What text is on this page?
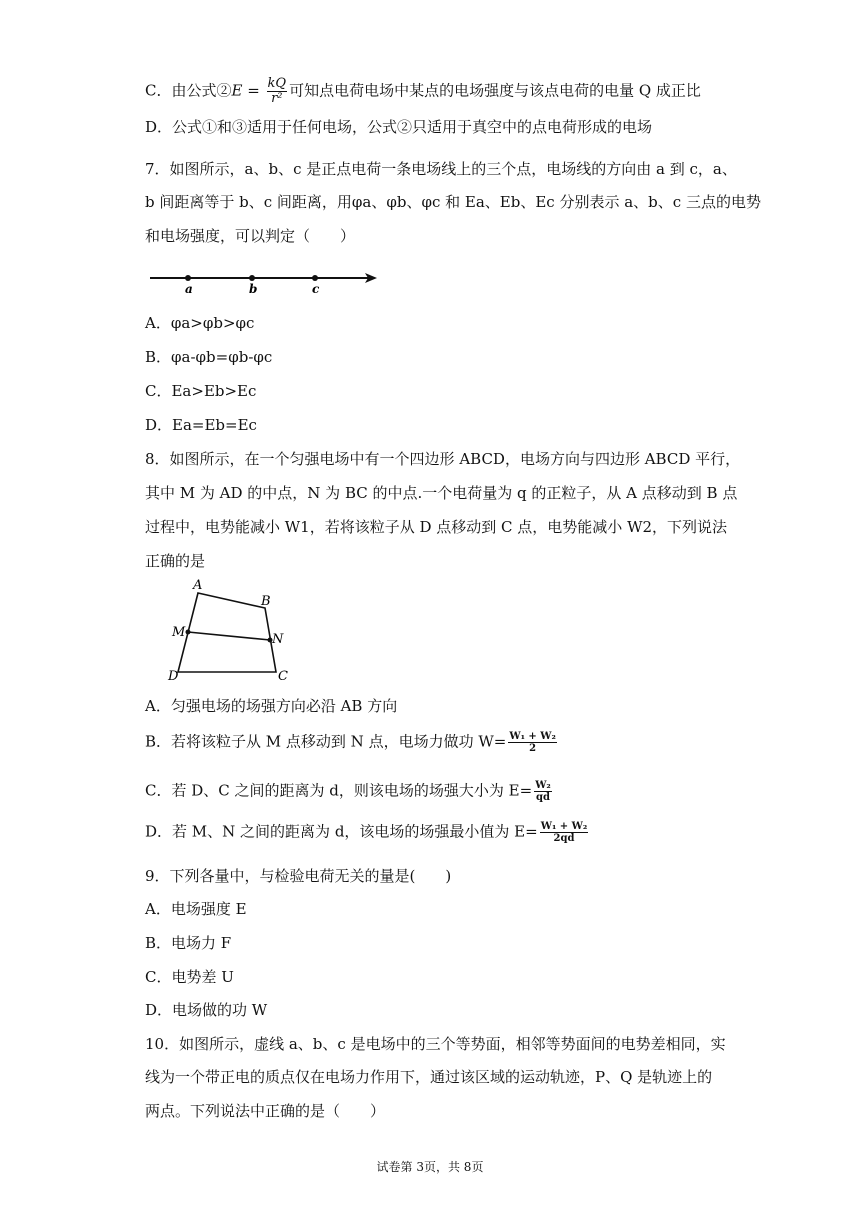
C．由公式②E = $\frac{kQ}{\text{r²}}$ 可知点电荷电场中某点的电场强度与该点电荷的电量 Q 成正比
D．公式①和③适用于任何电场，公式②只适用于真空中的点电荷形成的电场
7．如图所示，a、b、c 是正点电荷一条电场线上的三个点，电场线的方向由 a 到 c，a、
b 间距离等于 b、c 间距离，用φa、φb、φc 和 Ea、Eb、Ec 分别表示 a、b、c 三点的电势
和电场强度，可以判定（　　）
a	b	c
A．φa>φb>φc
B．φa-φb=φb-φc
C．Ea>Eb>Ec
D．Ea=Eb=Ec
8．如图所示，在一个匀强电场中有一个四边形 ABCD，电场方向与四边形 ABCD 平行，
其中 M 为 AD 的中点，N 为 BC 的中点.一个电荷量为 q 的正粒子，从 A 点移动到 B 点
过程中，电势能减小 W1，若将该粒子从 D 点移动到 C 点，电势能减小 W2，下列说法
正确的是
A
B
C
D
M	N
A．匀强电场的场强方向必沿 AB 方向
B．若将该粒子从 M 点移动到 N 点，电场力做功 $W= \frac{\text{W₁ + W₂}}{2}$
C．若 D、C 之间的距离为 d，则该电场的场强大小为 $E= \frac{\text{W₂}}{qd}$
D．若 M、N 之间的距离为 d，该电场的场强最小值为 $E= \frac{\text{W₁ + W₂}}{2qd}$
9．下列各量中，与检验电荷无关的量是(　　)
A．电场强度 E
B．电场力 F
C．电势差 U
D．电场做的功 W
10．如图所示，虚线 a、b、c 是电场中的三个等势面，相邻等势面间的电势差相同，实
线为一个带正电的质点仅在电场力作用下，通过该区域的运动轨迹，P、Q 是轨迹上的
两点。下列说法中正确的是（　　）
试卷第 3页，共 8页
